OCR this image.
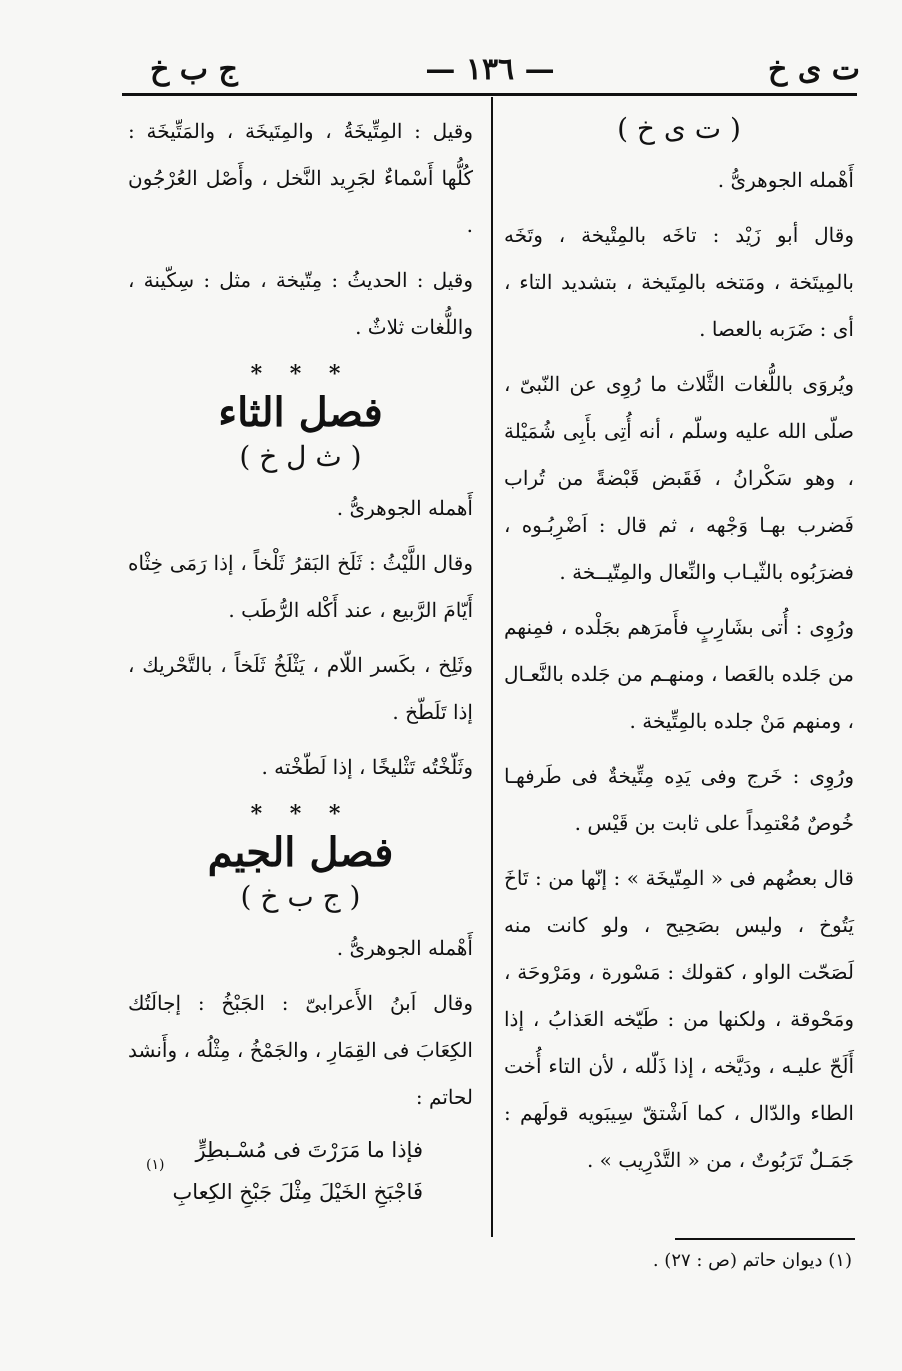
ت ى خ
— ١٣٦ —
ج ب خ
( ت ى خ )

أَهْمله الجوهرىُّ .

وقال أبو زَيْد : تاخَه بالمِتْيخة ، وتَخَه بالمِيتَخة ، ومَتخه بالمِتَيخة ، بتشديد التاء ، أى : ضَرَبه بالعصا .

ويُروَى باللُّغات الثَّلاث ما رُوِى عن النّبىّ ، صلّى الله عليه وسلّم ، أنه أُتِى بأَبِى شُمَيْلة ، وهو سَكْرانُ ، فَقَبض قَبْضةً من تُراب فَضرب بهـا وَجْهه ، ثم قال : اَضْرِبُـوه ، فضرَبُوه بالثّيـاب والنِّعال والمِتّيــخة .

ورُوِى : أُتى بشَارِبٍ فأَمرَهم بجَلْده ، فمِنهم من جَلده بالعَصا ، ومنهـم من جَلده بالنَّعـال ، ومنهم مَنْ جلده بالمِتِّيخة .

ورُوِى : خَرج وفى يَدِه مِتِّيخةٌ فى طَرفهـا خُوصٌ مُعْتمِداً على ثابت بن قَيْس .

قال بعضُهم فى « المِتّيخَة » : إنّها من : تَاخَ يَتُوخ ، وليس بصَحِيح ، ولو كانت منه لَصَحّت الواو ، كقولك : مَسْورة ، ومَرْوحَة ، ومَحْوقة ، ولكنها من : طَيّخه العَذابُ ، إذا أَلَحّ عليـه ، ودَيَّخه ، إذا ذَلّله ، لأن التاء أُخت الطاء والدّال ، كما اَشْتقّ سِيبَويه قولَهم : جَمَـلٌ تَرَبُوتٌ ، من « التَّدْرِيب » .

وقيل : المِتِّيخَةُ ، والمِتَيخَة ، والمَتِّيخَة : كُلُّها أَسْماءٌ لجَرِيد النَّخل ، وأَصْل العُرْجُون .

وقيل : الحديثُ : مِتّيخة ، مثل : سِكّينة ، واللُّغات ثلاثٌ .

* * *
فصل الثاء
( ث ل خ )

أَهمله الجوهرىُّ .

وقال اللَّيْثُ : ثَلَخ البَقرُ ثَلْخاً ، إذا رَمَى خِثْاه أَيّامَ الرَّبيع ، عند أَكْله الرُّطَب .

وثَلِخ ، بكَسر اللّام ، يَثْلَخُ ثَلَخاً ، بالتَّحْريك ، إذا تَلَطّخ .

وثَلّخْتُه تَثْليخًا ، إذا لَطّخْته .

* * *
فصل الجيم
( ج ب خ )

أَهْمله الجوهرىُّ .

وقال اَبنُ الأَعرابىّ : الجَبْخُ : إجالَتُك الكِعَابَ فى القِمَارِ ، والجَمْخُ ، مِثْلُه ، وأَنشد لحاتم :

فإذا ما مَرَرْتَ فى مُسْـبطِرٍّ

(١)

فَاجْبَخِ الخَيْلَ مِثْلَ جَبْخِ الكِعابِ

(١) ديوان حاتم (ص : ٢٧) .
